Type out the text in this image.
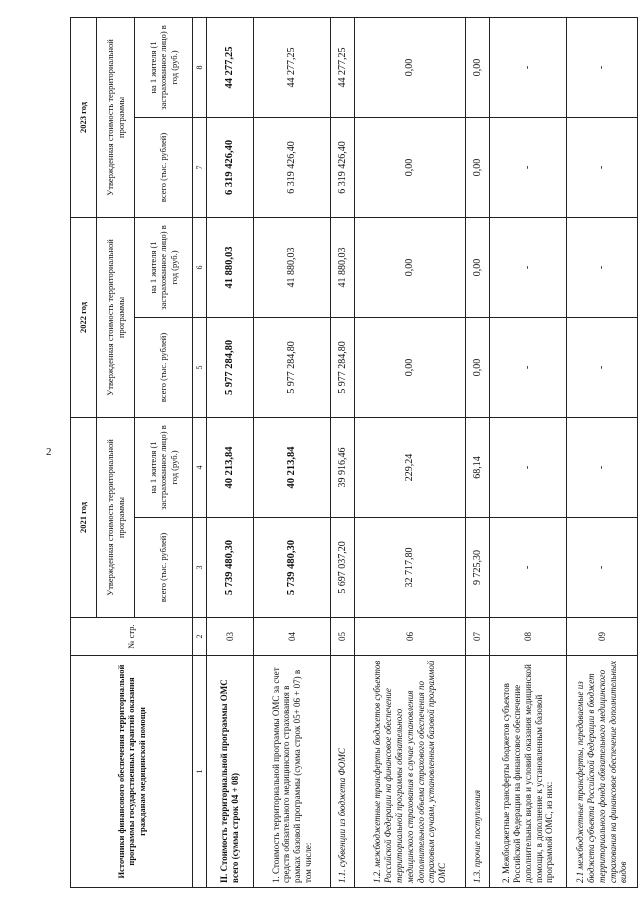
2
Источники финансового обеспечения территориальной программы государственных гарантий оказания гражданам медицинской помощи	№ стр.	2021 год		2022 год		2023 год	
		Утвержденная стоимость территориальной программы		Утвержденная стоимость территориальной программы		Утвержденная стоимость территориальной программы	
		всего (тыс. рублей)	на 1 жителя (1 застрахованное лицо) в год (руб.)	всего (тыс. рублей)	на 1 жителя (1 застрахованное лицо) в год (руб.)	всего (тыс. рублей)	на 1 жителя (1 застрахованное лицо) в год (руб.)
1	2	3	4	5	6	7	8
II. Стоимость территориальной программы ОМС всего (сумма строк 04 + 08)	03	5 739 480,30	40 213,84	5 977 284,80	41 880,03	6 319 426,40	44 277,25
1. Стоимость территориальной программы ОМС за счет средств обязательного медицинского страхования в рамках базовой программы (сумма строк 05+ 06 + 07) в том числе:	04	5 739 480,30	40 213,84	5 977 284,80	41 880,03	6 319 426,40	44 277,25
1.1. субвенции из бюджета ФОМС	05	5 697 037,20	39 916,46	5 977 284,80	41 880,03	6 319 426,40	44 277,25
1.2. межбюджетные трансферты бюджетов субъектов Российской Федерации на финансовое обеспечение территориальной программы обязательного медицинского страхования в случае установления дополнительного объема страхового обеспечения по страховым случаям, установленным базовой программой ОМС	06	32 717,80	229,24	0,00	0,00	0,00	0,00
1.3. прочие поступления	07	9 725,30	68,14	0,00	0,00	0,00	0,00
2. Межбюджетные трансферты бюджетов субъектов Российской Федерации на финансовое обеспечение дополнительных видов и условий оказания медицинской помощи, в дополнение к установленным базовой программой ОМС, из них:	08	-	-	-	-	-	-
2.1 межбюджетные трансферты, передаваемые из бюджета субъекта Российской Федерации в бюджет территориального фонда обязательного медицинского страхования на финансовое обеспечение дополнительных видов	09	-	-	-	-	-	-
